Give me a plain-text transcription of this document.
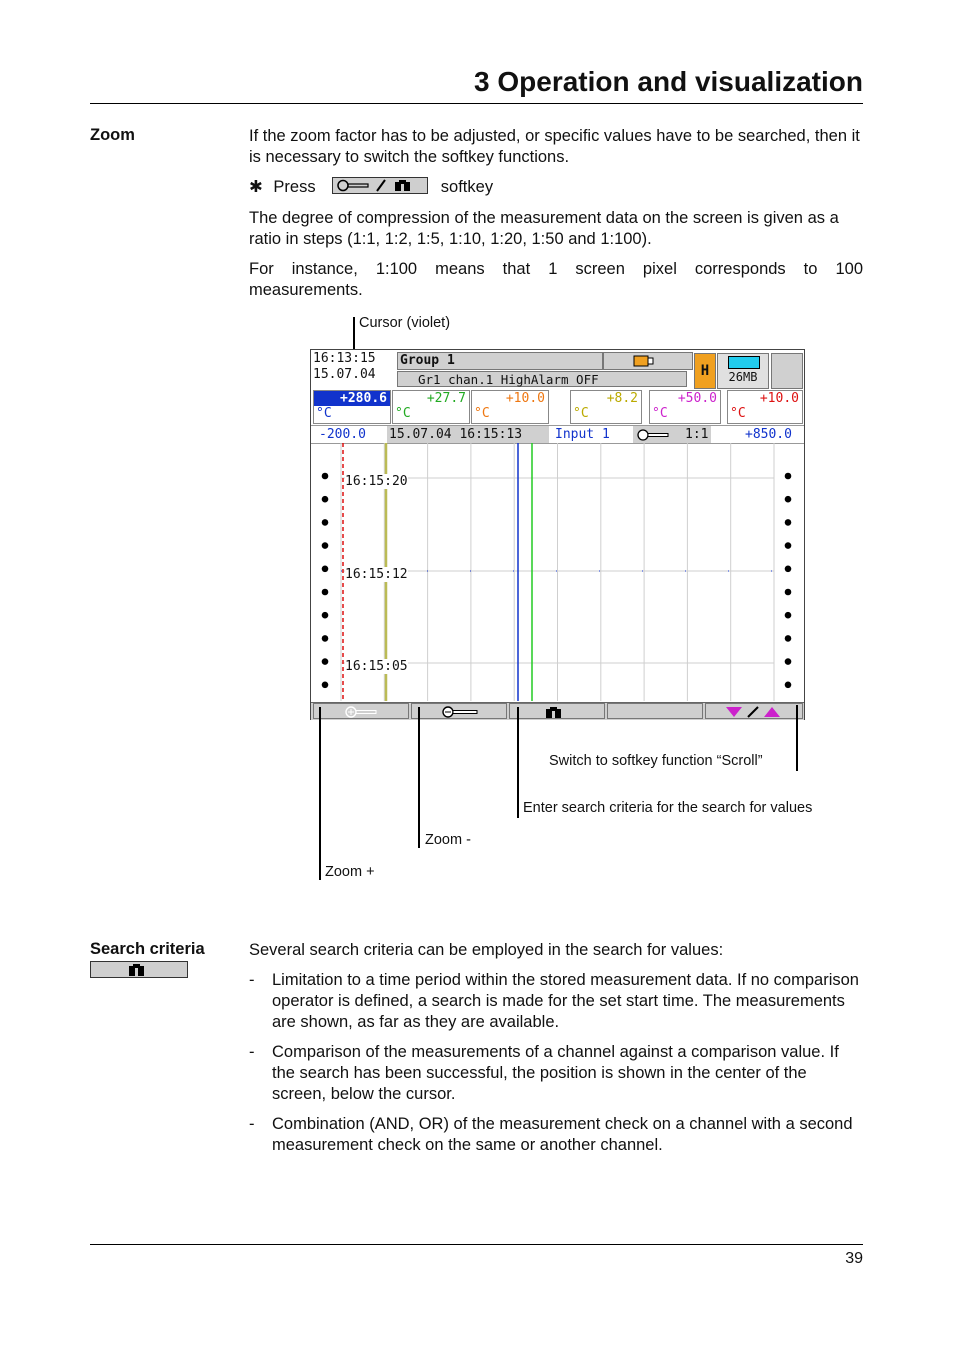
3 Operation and visualization
Zoom	If the zoom factor has to be adjusted, or specific values have to be searched, then it is necessary to switch the softkey functions.
✱ Press	softkey
The degree of compression of the measurement data on the screen is given as a ratio in steps (1:1, 1:2, 1:5, 1:10, 1:20, 1:50 and 1:100).
For instance, 1:100 means that 1 screen pixel corresponds to 100
measurements.
Cursor (violet)
16:13:15
15.07.04
Group 1
Gr1 chan.1 HighAlarm OFF
H	26MB
+280.6
°C
+27.7
°C
+10.0
°C
+8.2
°C
+50.0
°C
+10.0
°C
-200.0 15.07.04 16:15:13	Input 1	1:1	+850.0
16:15:20
16:15:12
16:15:05
Switch to softkey function “Scroll”
Enter search criteria for the search for values
Zoom -
Zoom +
Search criteria	Several search criteria can be employed in the search for values:
- Limitation to a time period within the stored measurement data. If no comparison operator is defined, a search is made for the set start time. The measurements are shown, as far as they are available.
- Comparison of the measurements of a channel against a comparison value. If the search has been successful, the position is shown in the center of the screen, below the cursor.
- Combination (AND, OR) of the measurement check on a channel with a second measurement check on the same or another channel.
39
